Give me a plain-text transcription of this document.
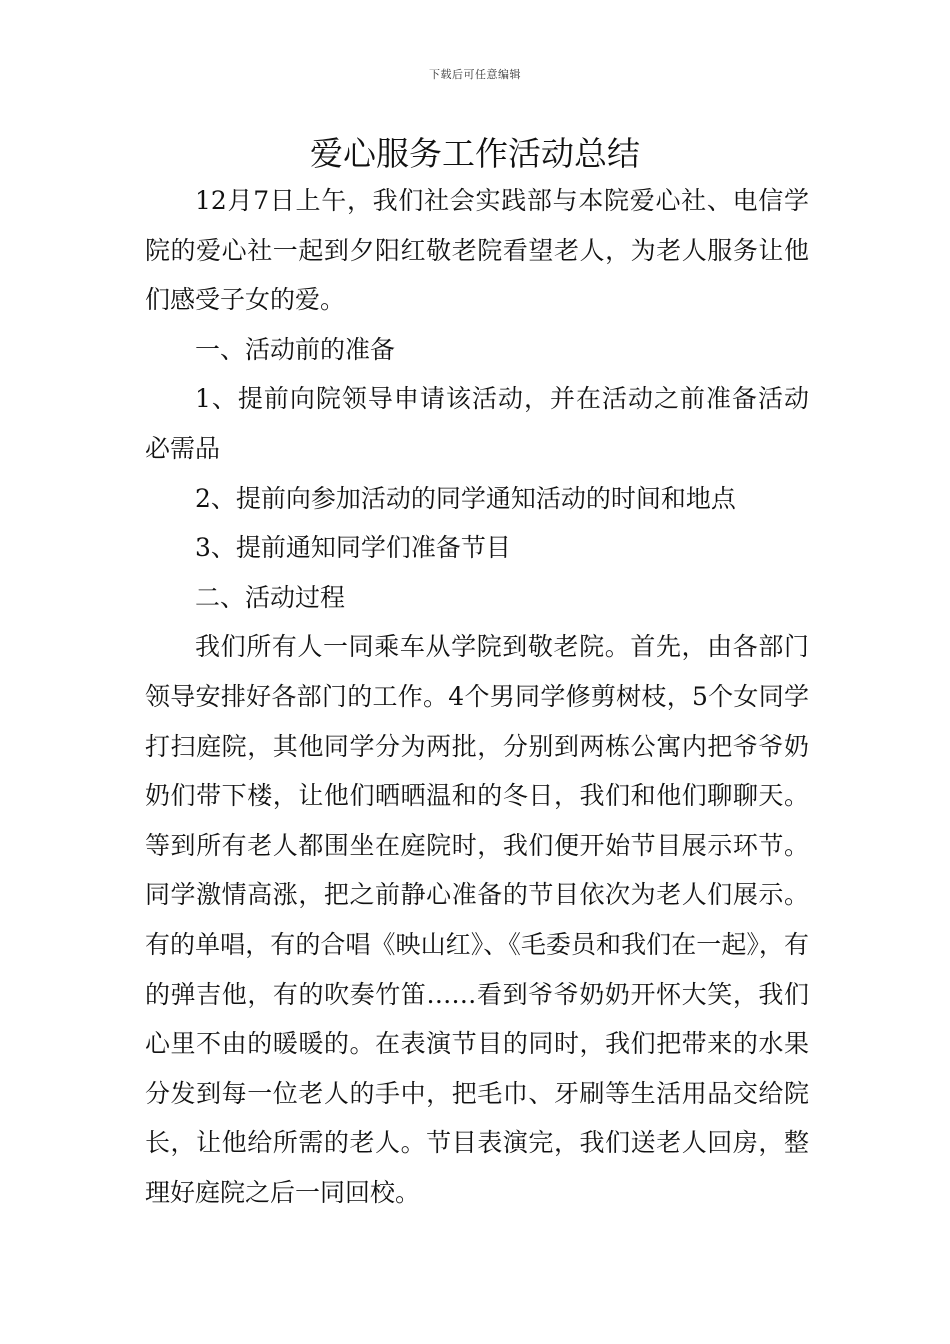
下载后可任意编辑
爱心服务工作活动总结

12月7日上午，我们社会实践部与本院爱心社、电信学院的爱心社一起到夕阳红敬老院看望老人，为老人服务让他们感受子女的爱。

一、活动前的准备

1、提前向院领导申请该活动，并在活动之前准备活动必需品

2、提前向参加活动的同学通知活动的时间和地点

3、提前通知同学们准备节目

二、活动过程

我们所有人一同乘车从学院到敬老院。首先，由各部门领导安排好各部门的工作。4个男同学修剪树枝，5个女同学打扫庭院，其他同学分为两批，分别到两栋公寓内把爷爷奶奶们带下楼，让他们晒晒温和的冬日，我们和他们聊聊天。等到所有老人都围坐在庭院时，我们便开始节目展示环节。同学激情高涨，把之前静心准备的节目依次为老人们展示。有的单唱，有的合唱《映山红》、《毛委员和我们在一起》，有的弹吉他，有的吹奏竹笛……看到爷爷奶奶开怀大笑，我们心里不由的暖暖的。在表演节目的同时，我们把带来的水果分发到每一位老人的手中，把毛巾、牙刷等生活用品交给院长，让他给所需的老人。节目表演完，我们送老人回房，整理好庭院之后一同回校。
